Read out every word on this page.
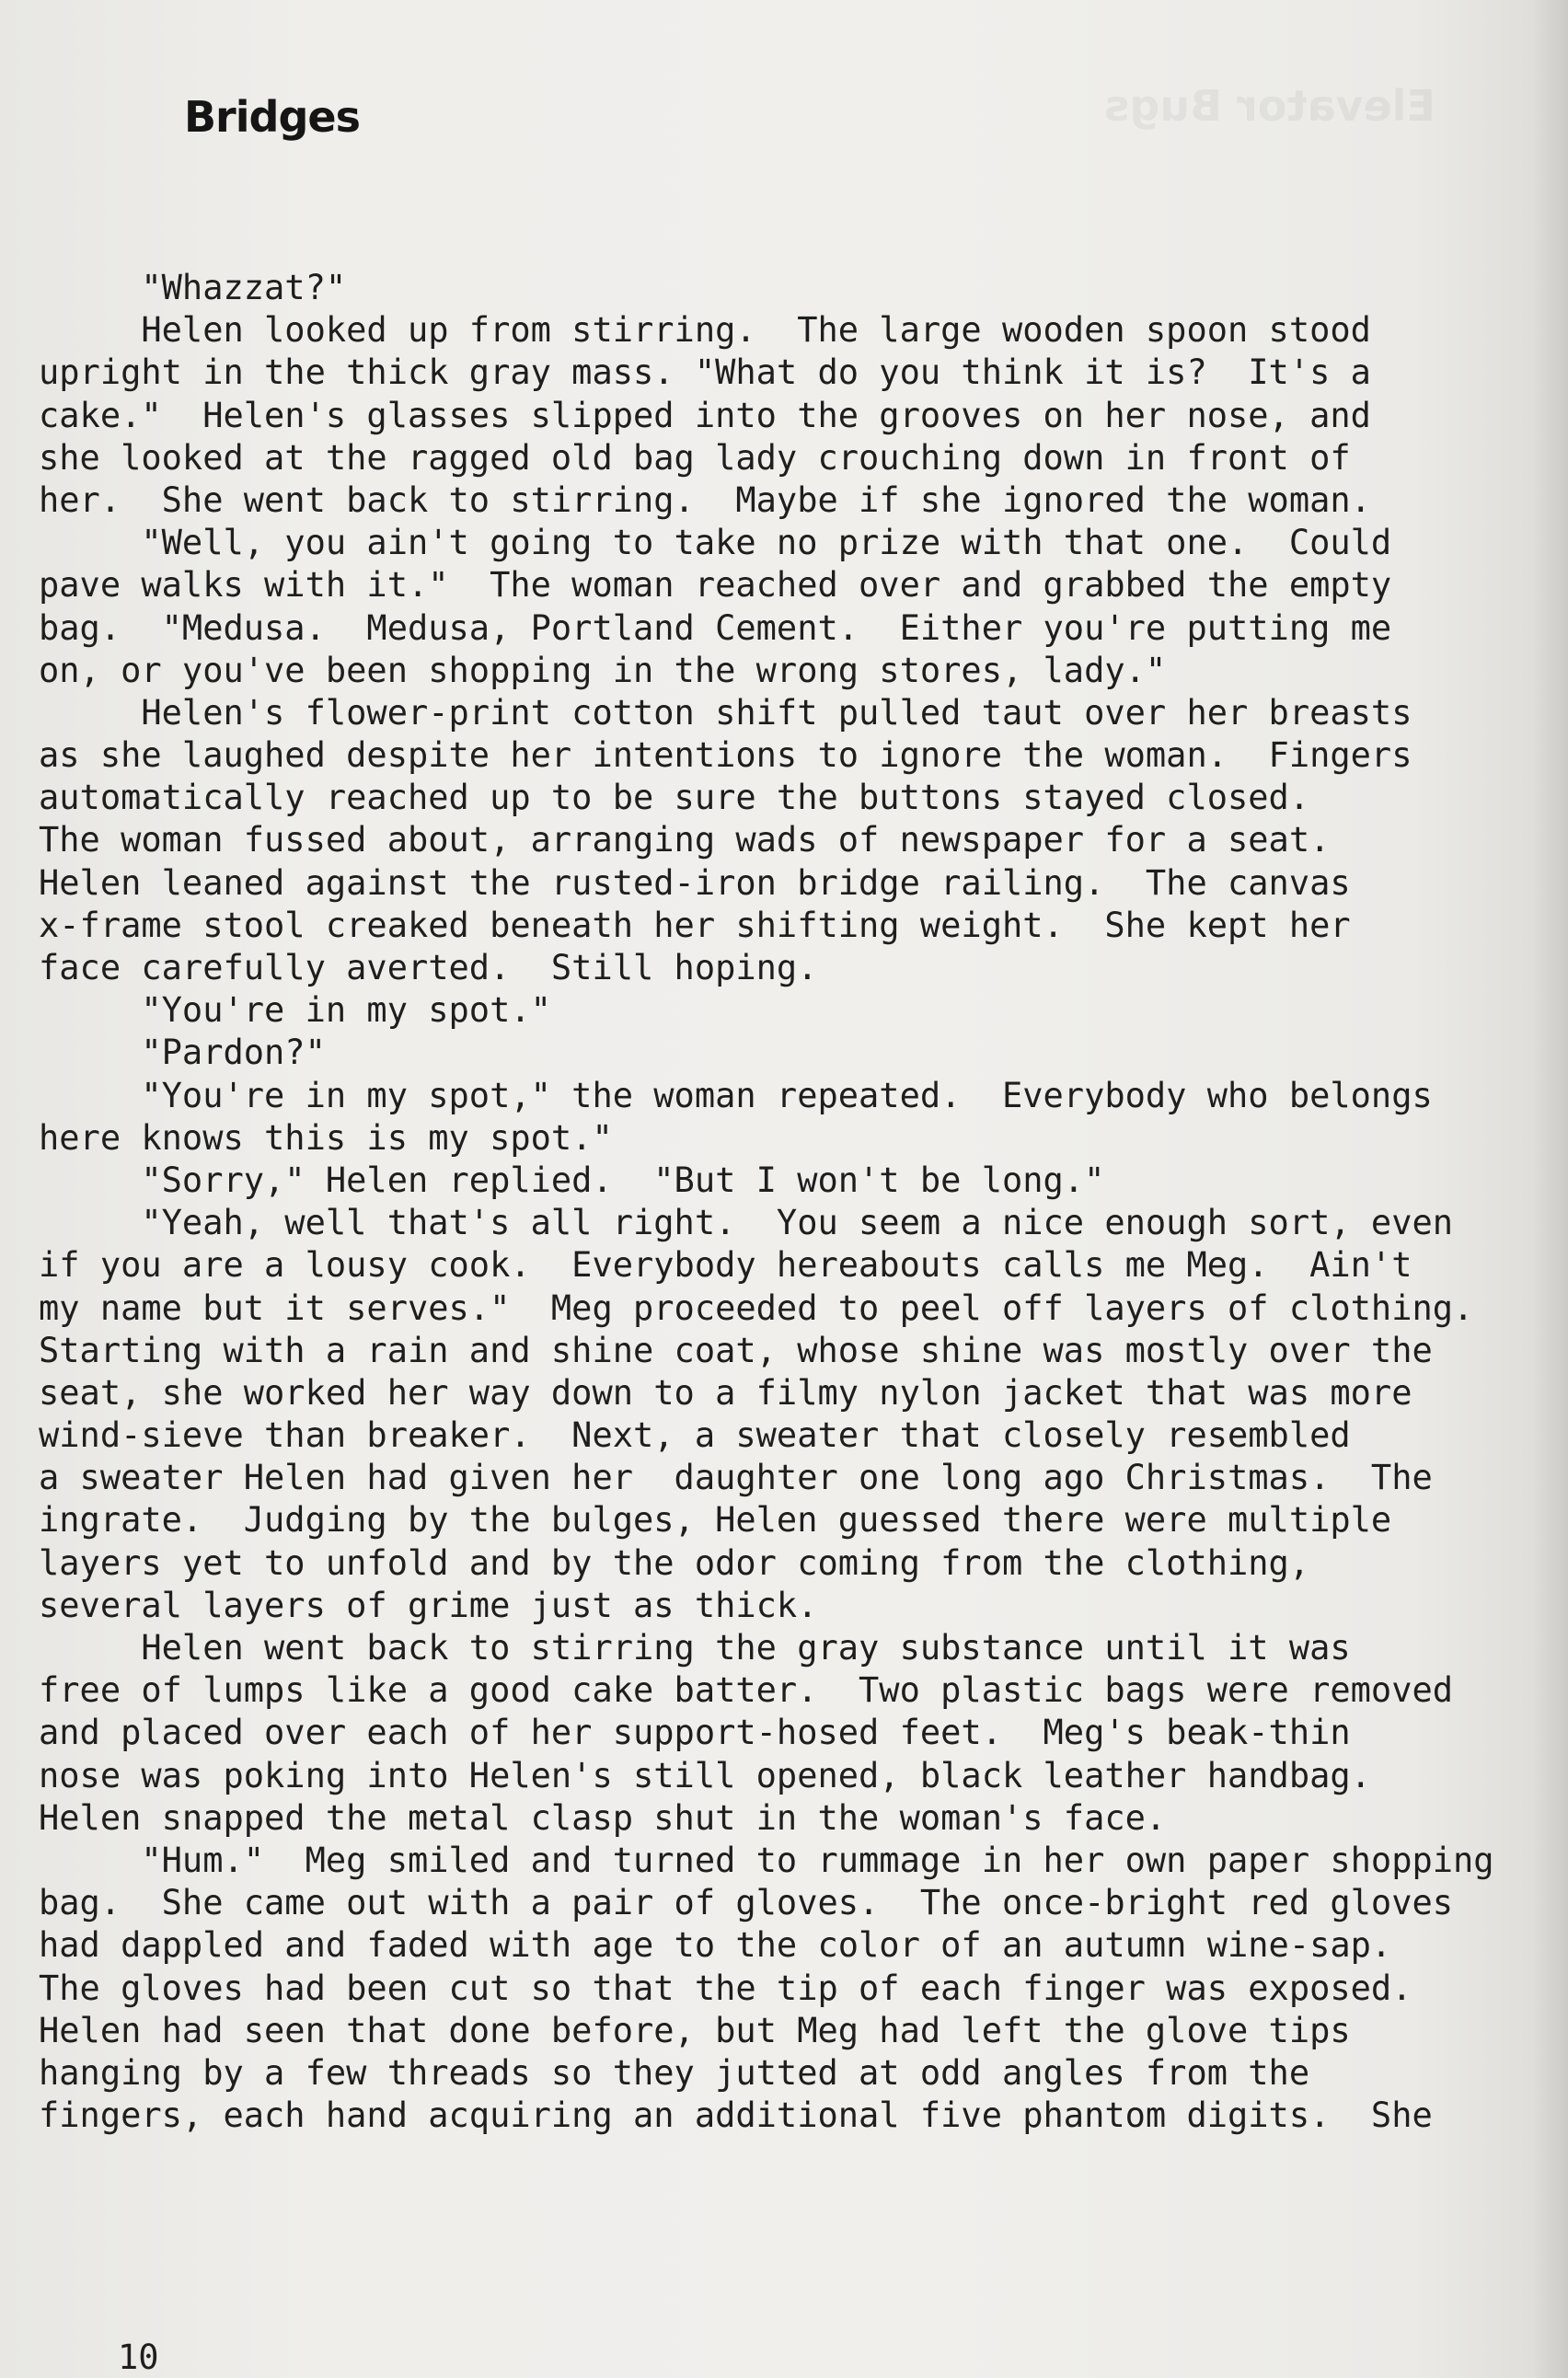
Elevator Bugs
Bridges
"Whazzat?"
Helen looked up from stirring.  The large wooden spoon stood
upright in the thick gray mass. "What do you think it is?  It's a
cake."  Helen's glasses slipped into the grooves on her nose, and
she looked at the ragged old bag lady crouching down in front of
her.  She went back to stirring.  Maybe if she ignored the woman.
"Well, you ain't going to take no prize with that one.  Could
pave walks with it."  The woman reached over and grabbed the empty
bag.  "Medusa.  Medusa, Portland Cement.  Either you're putting me
on, or you've been shopping in the wrong stores, lady."
Helen's flower-print cotton shift pulled taut over her breasts
as she laughed despite her intentions to ignore the woman.  Fingers
automatically reached up to be sure the buttons stayed closed.
The woman fussed about, arranging wads of newspaper for a seat.
Helen leaned against the rusted-iron bridge railing.  The canvas
x-frame stool creaked beneath her shifting weight.  She kept her
face carefully averted.  Still hoping.
"You're in my spot."
"Pardon?"
"You're in my spot," the woman repeated.  Everybody who belongs
here knows this is my spot."
"Sorry," Helen replied.  "But I won't be long."
"Yeah, well that's all right.  You seem a nice enough sort, even
if you are a lousy cook.  Everybody hereabouts calls me Meg.  Ain't
my name but it serves."  Meg proceeded to peel off layers of clothing.
Starting with a rain and shine coat, whose shine was mostly over the
seat, she worked her way down to a filmy nylon jacket that was more
wind-sieve than breaker.  Next, a sweater that closely resembled
a sweater Helen had given her  daughter one long ago Christmas.  The
ingrate.  Judging by the bulges, Helen guessed there were multiple
layers yet to unfold and by the odor coming from the clothing,
several layers of grime just as thick.
Helen went back to stirring the gray substance until it was
free of lumps like a good cake batter.  Two plastic bags were removed
and placed over each of her support-hosed feet.  Meg's beak-thin
nose was poking into Helen's still opened, black leather handbag.
Helen snapped the metal clasp shut in the woman's face.
"Hum."  Meg smiled and turned to rummage in her own paper shopping
bag.  She came out with a pair of gloves.  The once-bright red gloves
had dappled and faded with age to the color of an autumn wine-sap.
The gloves had been cut so that the tip of each finger was exposed.
Helen had seen that done before, but Meg had left the glove tips
hanging by a few threads so they jutted at odd angles from the
fingers, each hand acquiring an additional five phantom digits.  She
10
